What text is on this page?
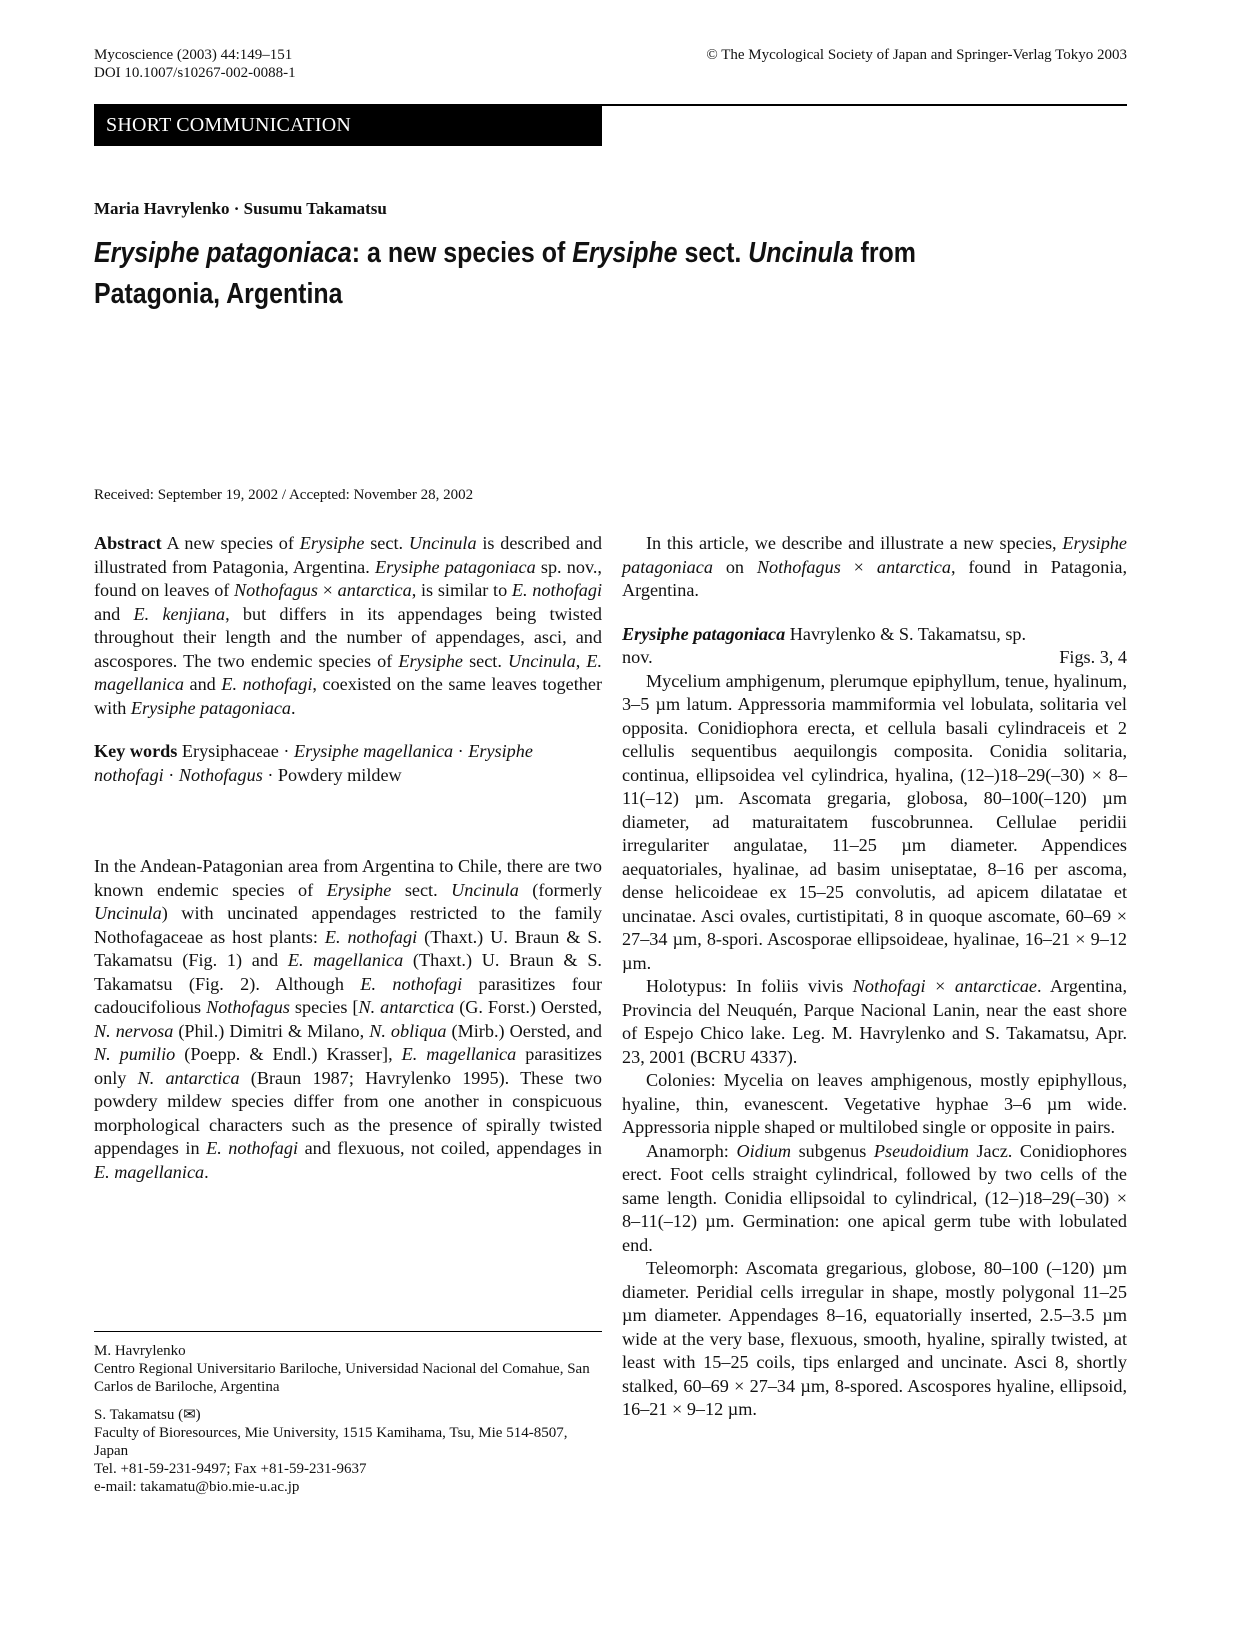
Mycoscience (2003) 44:149–151
DOI 10.1007/s10267-002-0088-1
© The Mycological Society of Japan and Springer-Verlag Tokyo 2003
SHORT COMMUNICATION
Maria Havrylenko · Susumu Takamatsu
Erysiphe patagoniaca: a new species of Erysiphe sect. Uncinula from
Patagonia, Argentina
Received: September 19, 2002 / Accepted: November 28, 2002

Abstract A new species of Erysiphe sect. Uncinula is described and illustrated from Patagonia, Argentina. Erysiphe patagoniaca sp. nov., found on leaves of Nothofagus × antarctica, is similar to E. nothofagi and E. kenjiana, but differs in its appendages being twisted throughout their length and the number of appendages, asci, and ascospores. The two endemic species of Erysiphe sect. Uncinula, E. magellanica and E. nothofagi, coexisted on the same leaves together with Erysiphe patagoniaca.

Key words Erysiphaceae · Erysiphe magellanica · Erysiphe nothofagi · Nothofagus · Powdery mildew

In the Andean-Patagonian area from Argentina to Chile, there are two known endemic species of Erysiphe sect. Uncinula (formerly Uncinula) with uncinated appendages restricted to the family Nothofagaceae as host plants: E. nothofagi (Thaxt.) U. Braun & S. Takamatsu (Fig. 1) and E. magellanica (Thaxt.) U. Braun & S. Takamatsu (Fig. 2). Although E. nothofagi parasitizes four cadoucifolious Nothofagus species [N. antarctica (G. Forst.) Oersted, N. nervosa (Phil.) Dimitri & Milano, N. obliqua (Mirb.) Oersted, and N. pumilio (Poepp. & Endl.) Krasser], E. magellanica parasitizes only N. antarctica (Braun 1987; Havrylenko 1995). These two powdery mildew species differ from one another in conspicuous morphological characters such as the presence of spirally twisted appendages in E. nothofagi and flexuous, not coiled, appendages in E. magellanica.

M. Havrylenko

Centro Regional Universitario Bariloche, Universidad Nacional del Comahue, San Carlos de Bariloche, Argentina

S. Takamatsu (✉)

Faculty of Bioresources, Mie University, 1515 Kamihama, Tsu, Mie 514-8507, Japan

Tel. +81-59-231-9497; Fax +81-59-231-9637

e-mail: takamatu@bio.mie-u.ac.jp

In this article, we describe and illustrate a new species, Erysiphe patagoniaca on Nothofagus × antarctica, found in Patagonia, Argentina.

Erysiphe patagoniaca Havrylenko & S. Takamatsu, sp.

nov.	Figs. 3, 4

Mycelium amphigenum, plerumque epiphyllum, tenue, hyalinum, 3–5 µm latum. Appressoria mammiformia vel lobulata, solitaria vel opposita. Conidiophora erecta, et cellula basali cylindraceis et 2 cellulis sequentibus aequilongis composita. Conidia solitaria, continua, ellipsoidea vel cylindrica, hyalina, (12–)18–29(–30) × 8–11(–12) µm. Ascomata gregaria, globosa, 80–100(–120) µm diameter, ad maturaitatem fuscobrunnea. Cellulae peridii irregulariter angulatae, 11–25 µm diameter. Appendices aequatoriales, hyalinae, ad basim uniseptatae, 8–16 per ascoma, dense helicoideae ex 15–25 convolutis, ad apicem dilatatae et uncinatae. Asci ovales, curtistipitati, 8 in quoque ascomate, 60–69 × 27–34 µm, 8-spori. Ascosporae ellipsoideae, hyalinae, 16–21 × 9–12 µm.

Holotypus: In foliis vivis Nothofagi × antarcticae. Argentina, Provincia del Neuquén, Parque Nacional Lanin, near the east shore of Espejo Chico lake. Leg. M. Havrylenko and S. Takamatsu, Apr. 23, 2001 (BCRU 4337).

Colonies: Mycelia on leaves amphigenous, mostly epiphyllous, hyaline, thin, evanescent. Vegetative hyphae 3–6 µm wide. Appressoria nipple shaped or multilobed single or opposite in pairs.

Anamorph: Oidium subgenus Pseudoidium Jacz. Conidiophores erect. Foot cells straight cylindrical, followed by two cells of the same length. Conidia ellipsoidal to cylindrical, (12–)18–29(–30) × 8–11(–12) µm. Germination: one apical germ tube with lobulated end.

Teleomorph: Ascomata gregarious, globose, 80–100 (–120) µm diameter. Peridial cells irregular in shape, mostly polygonal 11–25 µm diameter. Appendages 8–16, equatorially inserted, 2.5–3.5 µm wide at the very base, flexuous, smooth, hyaline, spirally twisted, at least with 15–25 coils, tips enlarged and uncinate. Asci 8, shortly stalked, 60–69 × 27–34 µm, 8-spored. Ascospores hyaline, ellipsoid, 16–21 × 9–12 µm.
